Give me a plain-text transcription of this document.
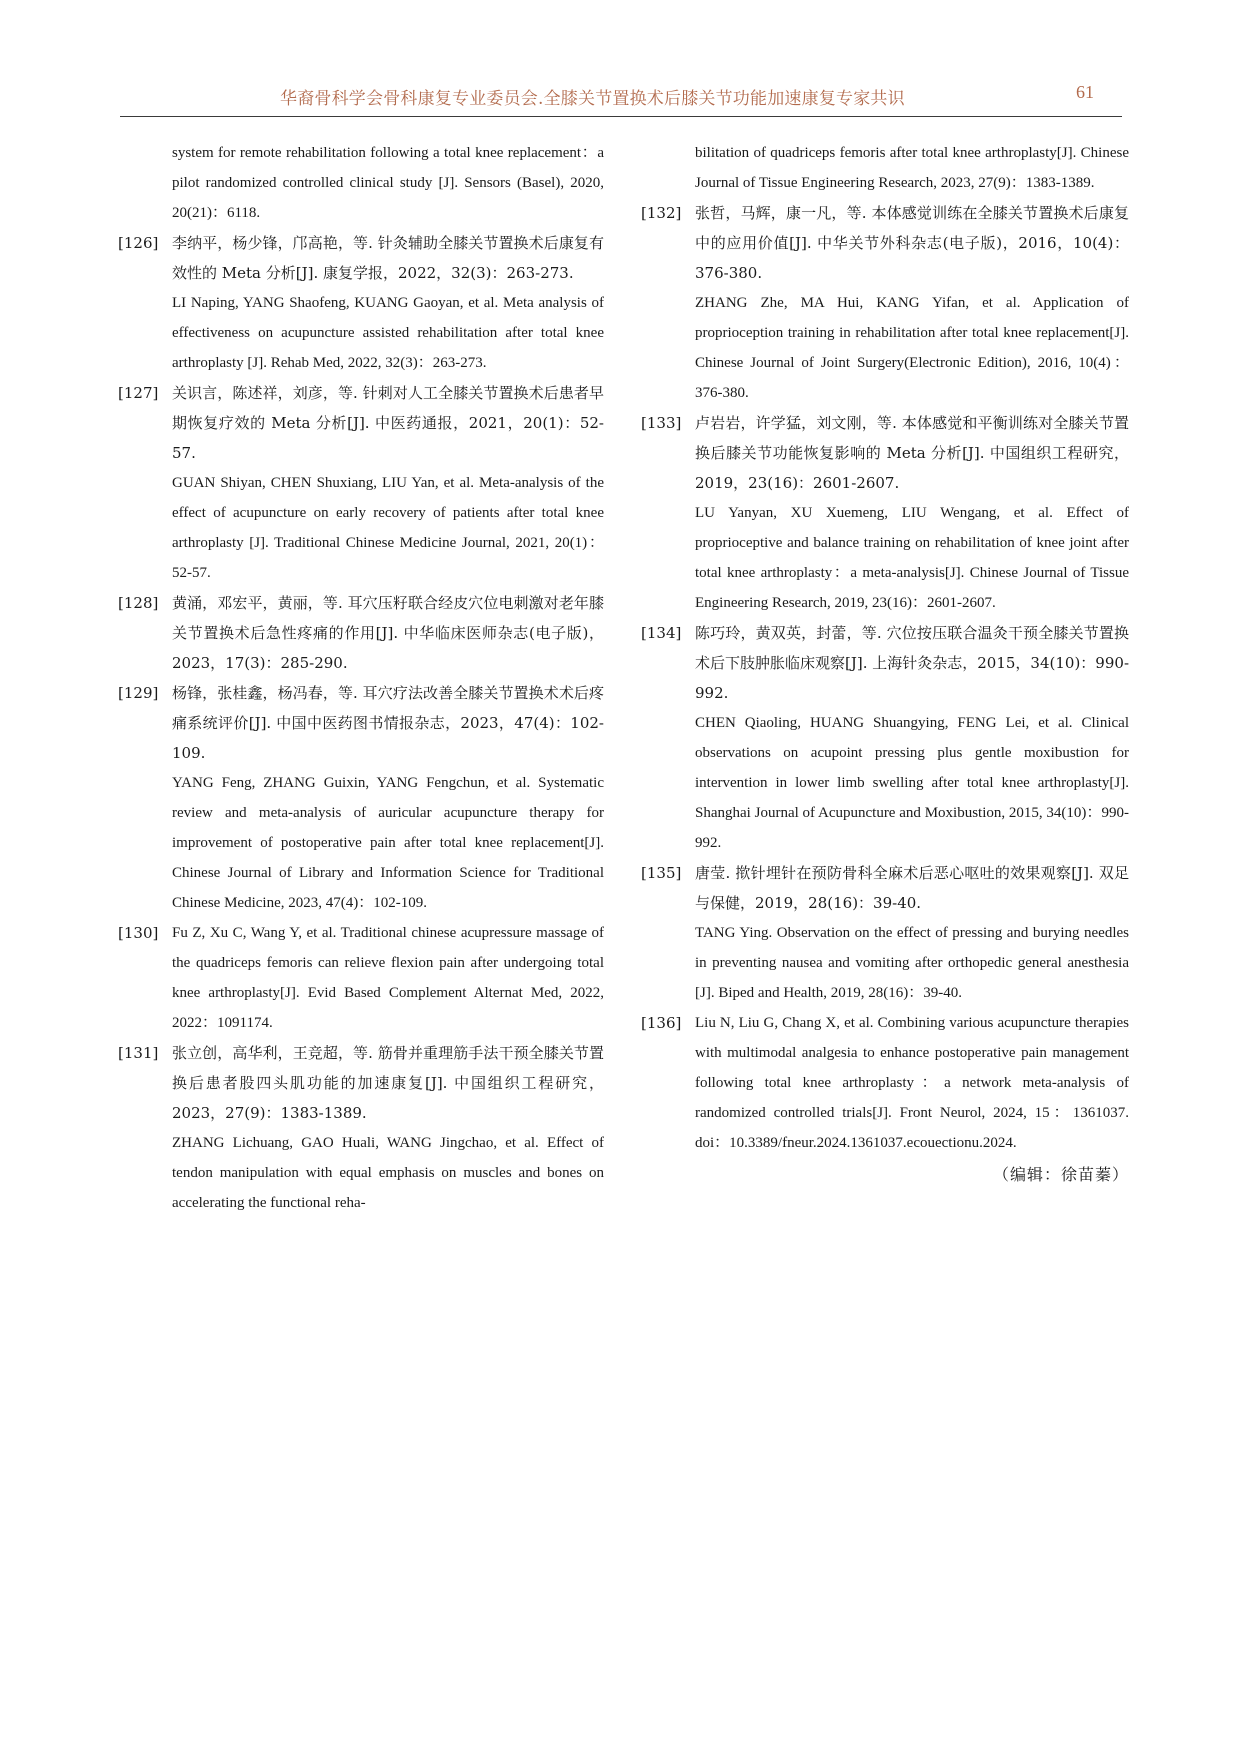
华裔骨科学会骨科康复专业委员会.全膝关节置换术后膝关节功能加速康复专家共识	61
system for remote rehabilitation following a total knee replacement：a pilot randomized controlled clinical study [J]. Sensors (Basel), 2020, 20(21)：6118.
[126] 李纳平，杨少锋，邝高艳，等. 针灸辅助全膝关节置换术后康复有效性的 Meta 分析[J]. 康复学报，2022，32(3)：263-273.
LI Naping, YANG Shaofeng, KUANG Gaoyan, et al. Meta analysis of effectiveness on acupuncture assisted rehabilitation after total knee arthroplasty [J]. Rehab Med, 2022, 32(3)：263-273.
[127] 关识言，陈述祥，刘彦，等. 针刺对人工全膝关节置换术后患者早期恢复疗效的 Meta 分析[J]. 中医药通报，2021，20(1)：52-57.
GUAN Shiyan, CHEN Shuxiang, LIU Yan, et al. Meta-analysis of the effect of acupuncture on early recovery of patients after total knee arthroplasty [J]. Traditional Chinese Medicine Journal, 2021, 20(1)：52-57.
[128] 黄涌，邓宏平，黄丽，等. 耳穴压籽联合经皮穴位电刺激对老年膝关节置换术后急性疼痛的作用[J]. 中华临床医师杂志(电子版)，2023，17(3)：285-290.
[129] 杨锋，张桂鑫，杨冯春，等. 耳穴疗法改善全膝关节置换术术后疼痛系统评价[J]. 中国中医药图书情报杂志，2023，47(4)：102-109.
YANG Feng, ZHANG Guixin, YANG Fengchun, et al. Systematic review and meta-analysis of auricular acupuncture therapy for improvement of postoperative pain after total knee replacement[J]. Chinese Journal of Library and Information Science for Traditional Chinese Medicine, 2023, 47(4)：102-109.
[130] Fu Z, Xu C, Wang Y, et al. Traditional chinese acupressure massage of the quadriceps femoris can relieve flexion pain after undergoing total knee arthroplasty[J]. Evid Based Complement Alternat Med, 2022, 2022：1091174.
[131] 张立创，高华利，王竞超，等. 筋骨并重理筋手法干预全膝关节置换后患者股四头肌功能的加速康复[J]. 中国组织工程研究，2023，27(9)：1383-1389.
ZHANG Lichuang, GAO Huali, WANG Jingchao, et al. Effect of tendon manipulation with equal emphasis on muscles and bones on accelerating the functional reha-
bilitation of quadriceps femoris after total knee arthroplasty[J]. Chinese Journal of Tissue Engineering Research, 2023, 27(9)：1383-1389.
[132] 张哲，马辉，康一凡，等. 本体感觉训练在全膝关节置换术后康复中的应用价值[J]. 中华关节外科杂志(电子版)，2016，10(4)：376-380.
ZHANG Zhe, MA Hui, KANG Yifan, et al. Application of proprioception training in rehabilitation after total knee replacement[J]. Chinese Journal of Joint Surgery(Electronic Edition), 2016, 10(4)：376-380.
[133] 卢岩岩，许学猛，刘文刚，等. 本体感觉和平衡训练对全膝关节置换后膝关节功能恢复影响的 Meta 分析[J]. 中国组织工程研究，2019，23(16)：2601-2607.
LU Yanyan, XU Xuemeng, LIU Wengang, et al. Effect of proprioceptive and balance training on rehabilitation of knee joint after total knee arthroplasty：a meta-analysis[J]. Chinese Journal of Tissue Engineering Research, 2019, 23(16)：2601-2607.
[134] 陈巧玲，黄双英，封蕾，等. 穴位按压联合温灸干预全膝关节置换术后下肢肿胀临床观察[J]. 上海针灸杂志，2015，34(10)：990-992.
CHEN Qiaoling, HUANG Shuangying, FENG Lei, et al. Clinical observations on acupoint pressing plus gentle moxibustion for intervention in lower limb swelling after total knee arthroplasty[J]. Shanghai Journal of Acupuncture and Moxibustion, 2015, 34(10)：990-992.
[135] 唐莹. 揿针埋针在预防骨科全麻术后恶心呕吐的效果观察[J]. 双足与保健，2019，28(16)：39-40.
TANG Ying. Observation on the effect of pressing and burying needles in preventing nausea and vomiting after orthopedic general anesthesia [J]. Biped and Health, 2019, 28(16)：39-40.
[136] Liu N, Liu G, Chang X, et al. Combining various acupuncture therapies with multimodal analgesia to enhance postoperative pain management following total knee arthroplasty：a network meta-analysis of randomized controlled trials[J]. Front Neurol, 2024, 15：1361037. doi：10.3389/fneur.2024.1361037.ecouectionu.2024.
（编辑：徐苗蓁）
